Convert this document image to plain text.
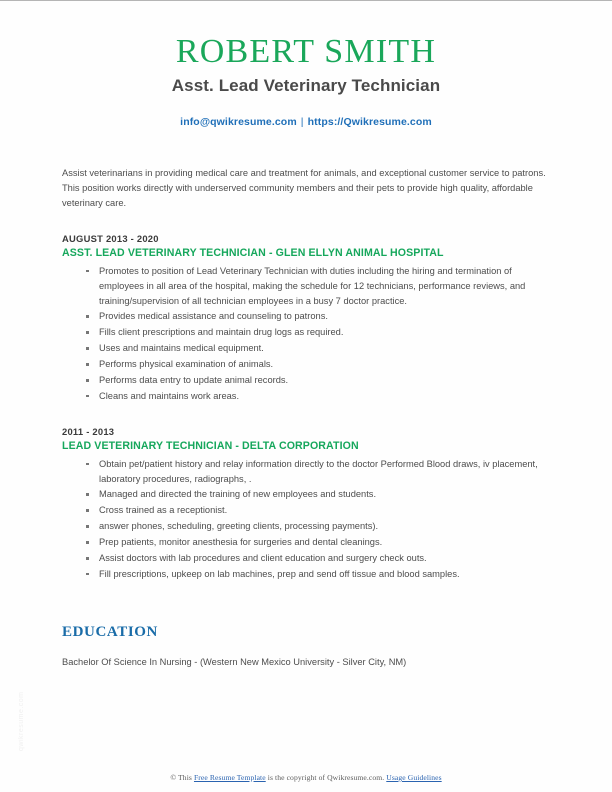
qwikresume.com
ROBERT SMITH
Asst. Lead Veterinary Technician
info@qwikresume.com | https://Qwikresume.com

Assist veterinarians in providing medical care and treatment for animals, and exceptional customer service to patrons. This position works directly with underserved community members and their pets to provide high quality, affordable veterinary care.

AUGUST 2013 - 2020
ASST. LEAD VETERINARY TECHNICIAN - GLEN ELLYN ANIMAL HOSPITAL
Promotes to position of Lead Veterinary Technician with duties including the hiring and termination of employees in all area of the hospital, making the schedule for 12 technicians, performance reviews, and training/supervision of all technician employees in a busy 7 doctor practice.
Provides medical assistance and counseling to patrons.
Fills client prescriptions and maintain drug logs as required.
Uses and maintains medical equipment.
Performs physical examination of animals.
Performs data entry to update animal records.
Cleans and maintains work areas.
2011 - 2013
LEAD VETERINARY TECHNICIAN - DELTA CORPORATION
Obtain pet/patient history and relay information directly to the doctor Performed Blood draws, iv placement, laboratory procedures, radiographs, .
Managed and directed the training of new employees and students.
Cross trained as a receptionist.
answer phones, scheduling, greeting clients, processing payments).
Prep patients, monitor anesthesia for surgeries and dental cleanings.
Assist doctors with lab procedures and client education and surgery check outs.
Fill prescriptions, upkeep on lab machines, prep and send off tissue and blood samples.
EDUCATION
Bachelor Of Science In Nursing - (Western New Mexico University - Silver City, NM)
© This Free Resume Template is the copyright of Qwikresume.com. Usage Guidelines
